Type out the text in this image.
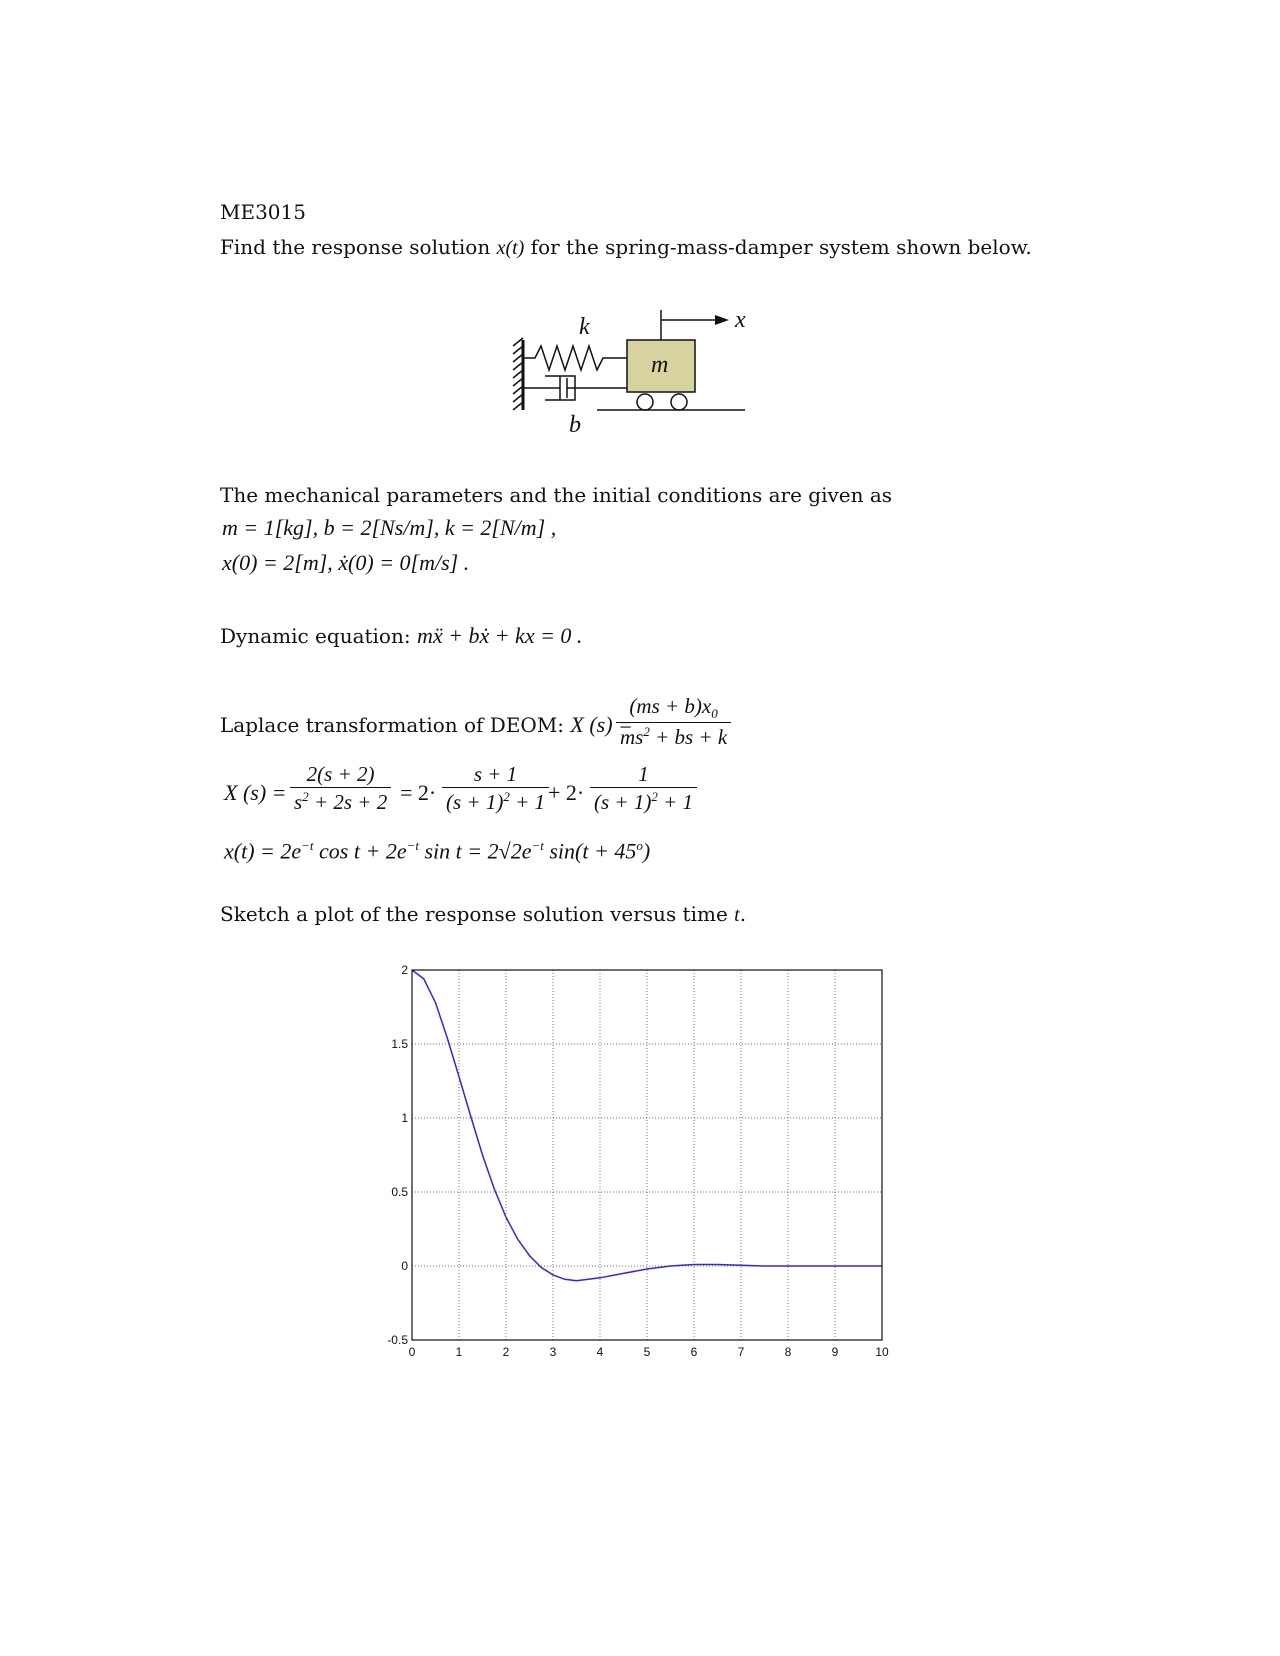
ME3015
Find the response solution x(t) for the spring-mass-damper system shown below.
k
b
m
x
The mechanical parameters and the initial conditions are given as
m = 1[kg], b = 2[Ns/m], k = 2[N/m] ,
x(0) = 2[m], ẋ(0) = 0[m/s] .
Dynamic equation: mẍ + bẋ + kx = 0 .
Laplace transformation of DEOM: X (s) =
$\frac{(ms + b)x_0}{ms^2 + bs + k}$
X $(s) = \frac{2(s + 2)}{s^2 + 2s + 2} = 2\cdot \frac{s + 1}{(s + 1)^2 + 1}$
+ $2\cdot \frac{1}{(s + 1)^2 + 1}$
$x(t) = 2e^{-t}$ $\cos t + 2e^{-t}$ $\sin t = 2√2e^{-t}$ $\sin(t + 45^o)$
Sketch a plot of the response solution versus time t.
0	1	2	3	4	5	6	7	8	9	10
2
1.5
1
0.5
0
-0.5
